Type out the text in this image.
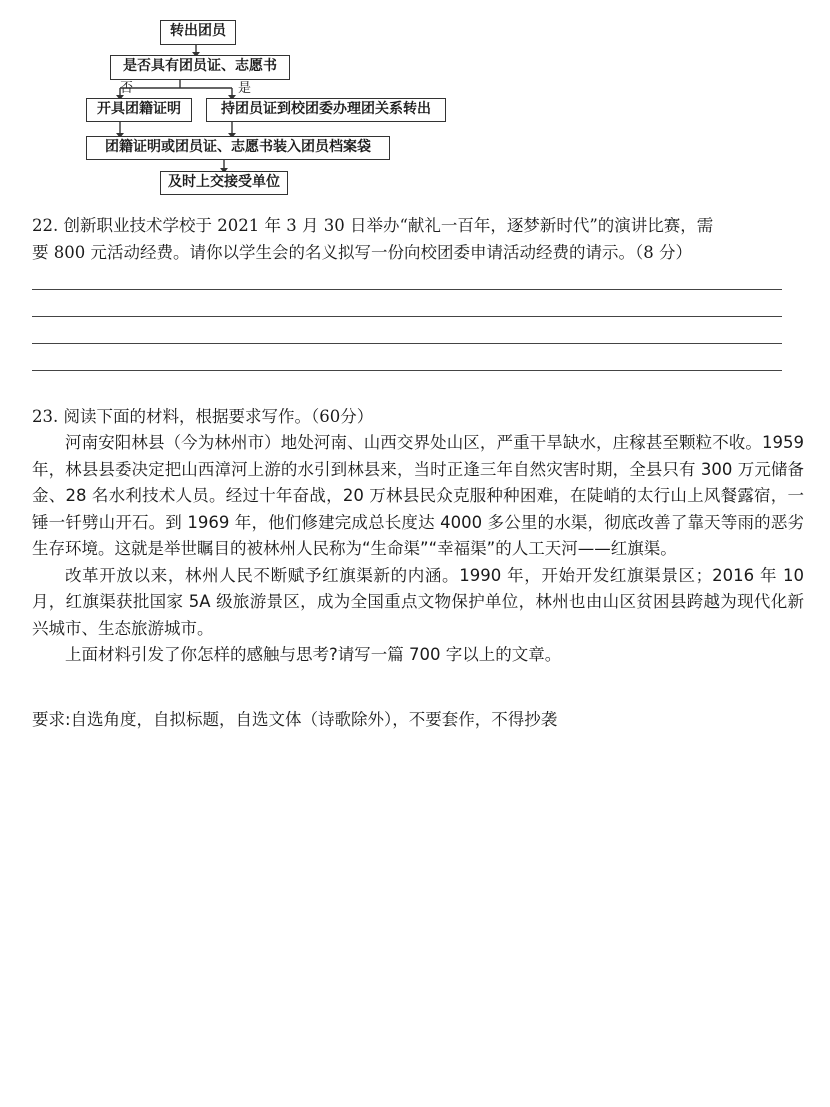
转出团员
是否具有团员证、志愿书
否	是
开具团籍证明	持团员证到校团委办理团关系转出
团籍证明或团员证、志愿书装入团员档案袋
及时上交接受单位
22. 创新职业技术学校于 2021 年 3 月 30 日举办“献礼一百年，逐梦新时代”的演讲比赛，需
要 800 元活动经费。请你以学生会的名义拟写一份向校团委申请活动经费的请示。（8 分）
23. 阅读下面的材料，根据要求写作。（60分）

河南安阳林县（今为林州市）地处河南、山西交界处山区，严重干旱缺水，庄稼甚至颗粒不收。1959 年，林县县委决定把山西漳河上游的水引到林县来，当时正逢三年自然灾害时期，全县只有 300 万元储备金、28 名水利技术人员。经过十年奋战，20 万林县民众克服种种困难，在陡峭的太行山上风餐露宿，一锤一钎劈山开石。到 1969 年，他们修建完成总长度达 4000 多公里的水渠，彻底改善了靠天等雨的恶劣生存环境。这就是举世瞩目的被林州人民称为“生命渠”“幸福渠”的人工天河——红旗渠。

改革开放以来，林州人民不断赋予红旗渠新的内涵。1990 年，开始开发红旗渠景区；2016 年 10 月，红旗渠获批国家 5A 级旅游景区，成为全国重点文物保护单位，林州也由山区贫困县跨越为现代化新兴城市、生态旅游城市。

上面材料引发了你怎样的感触与思考?请写一篇 700 字以上的文章。

要求:自选角度，自拟标题，自选文体（诗歌除外），不要套作，不得抄袭
